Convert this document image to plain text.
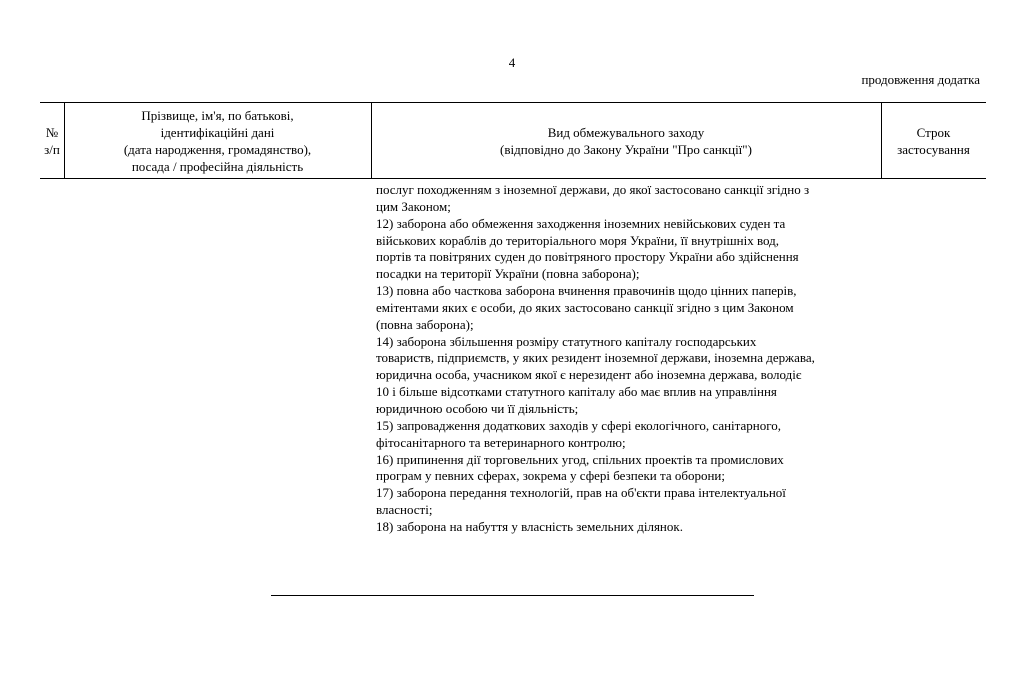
4
продовження додатка
№
з/п
Прізвище, ім'я, по батькові,
ідентифікаційні дані
(дата народження, громадянство),
посада / професійна діяльність
Вид обмежувального заходу
(відповідно до Закону України "Про санкції")
Строк
застосування
послуг походженням з іноземної держави, до якої застосовано санкції згідно з
цим Законом;
12) заборона або обмеження заходження іноземних невійськових суден та
військових кораблів до територіального моря України, її внутрішніх вод,
портів та повітряних суден до повітряного простору України або здійснення
посадки на території України (повна заборона);
13) повна або часткова заборона вчинення правочинів щодо цінних паперів,
емітентами яких є особи, до яких застосовано санкції згідно з цим Законом
(повна заборона);
14) заборона збільшення розміру статутного капіталу господарських
товариств, підприємств, у яких резидент іноземної держави, іноземна держава,
юридична особа, учасником якої є нерезидент або іноземна держава, володіє
10 і більше відсотками статутного капіталу або має вплив на управління
юридичною особою чи її діяльність;
15) запровадження додаткових заходів у сфері екологічного, санітарного,
фітосанітарного та ветеринарного контролю;
16) припинення дії торговельних угод, спільних проектів та промислових
програм у певних сферах, зокрема у сфері безпеки та оборони;
17) заборона передання технологій, прав на об'єкти права інтелектуальної
власності;
18) заборона на набуття у власність земельних ділянок.
